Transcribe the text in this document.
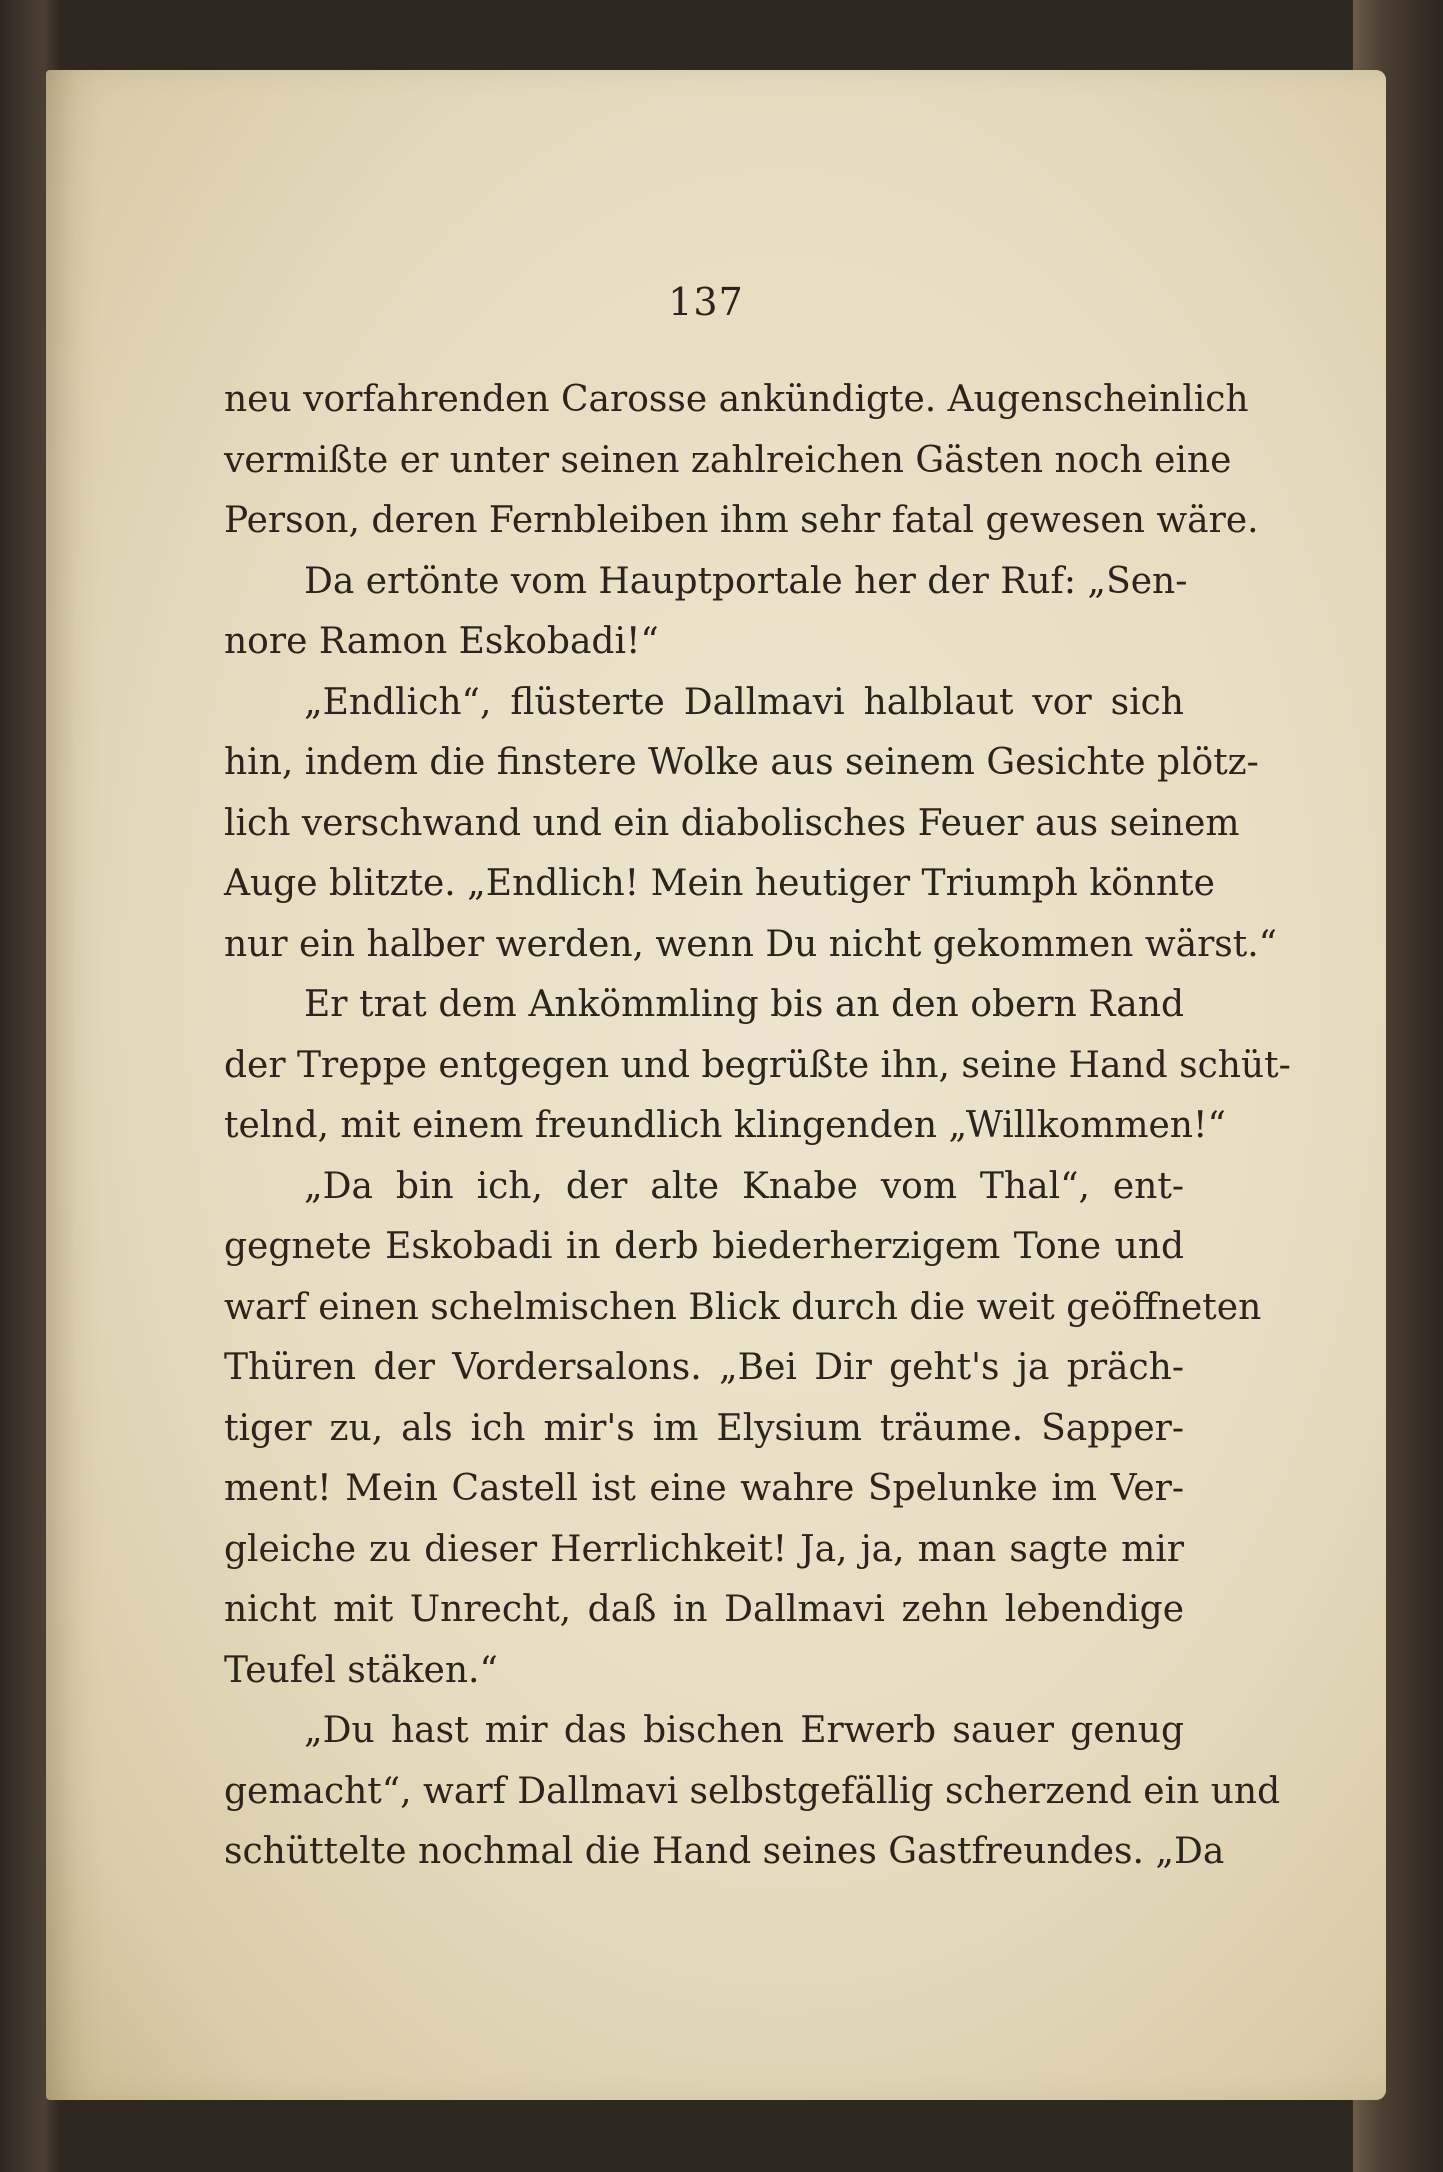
137
neu vorfahrenden Carosse ankündigte. Augenscheinlich
vermißte er unter seinen zahlreichen Gästen noch eine
Person, deren Fernbleiben ihm sehr fatal gewesen wäre.
Da ertönte vom Hauptportale her der Ruf: „Sen-
nore Ramon Eskobadi!“
„Endlich“, flüsterte Dallmavi halblaut vor sich
hin, indem die finstere Wolke aus seinem Gesichte plötz-
lich verschwand und ein diabolisches Feuer aus seinem
Auge blitzte. „Endlich! Mein heutiger Triumph könnte
nur ein halber werden, wenn Du nicht gekommen wärst.“
Er trat dem Ankömmling bis an den obern Rand
der Treppe entgegen und begrüßte ihn, seine Hand schüt-
telnd, mit einem freundlich klingenden „Willkommen!“
„Da bin ich, der alte Knabe vom Thal“, ent-
gegnete Eskobadi in derb biederherzigem Tone und
warf einen schelmischen Blick durch die weit geöffneten
Thüren der Vordersalons. „Bei Dir geht's ja präch-
tiger zu, als ich mir's im Elysium träume. Sapper-
ment! Mein Castell ist eine wahre Spelunke im Ver-
gleiche zu dieser Herrlichkeit! Ja, ja, man sagte mir
nicht mit Unrecht, daß in Dallmavi zehn lebendige
Teufel stäken.“
„Du hast mir das bischen Erwerb sauer genug
gemacht“, warf Dallmavi selbstgefällig scherzend ein und
schüttelte nochmal die Hand seines Gastfreundes. „Da
